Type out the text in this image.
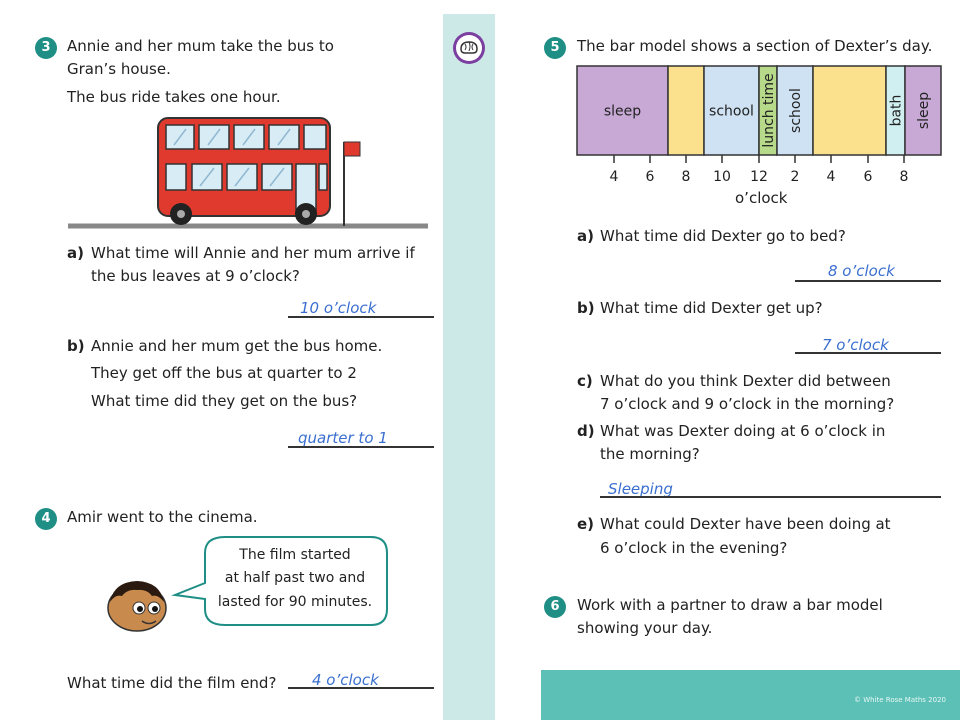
3	Annie and her mum take the bus to
Gran’s house.
The bus ride takes one hour.
a) What time will Annie and her mum arrive if
the bus leaves at 9 o’clock?
10 o’clock
b) Annie and her mum get the bus home.
They get off the bus at quarter to 2
What time did they get on the bus?
quarter to 1
4	Amir went to the cinema.
The film started
at half past two and
lasted for 90 minutes.
What time did the film end? 4 o’clock
5	The bar model shows a section of Dexter’s day.
sleep	school lunch time school	bath sleep
4 6 8 10 12 2 4 6 8
o’clock
a) What time did Dexter go to bed?
8 o’clock
b) What time did Dexter get up?
7 o’clock
c) What do you think Dexter did between
7 o’clock and 9 o’clock in the morning?
d) What was Dexter doing at 6 o’clock in
the morning?
Sleeping
e) What could Dexter have been doing at
6 o’clock in the evening?
6	Work with a partner to draw a bar model
showing your day.
© White Rose Maths 2020
